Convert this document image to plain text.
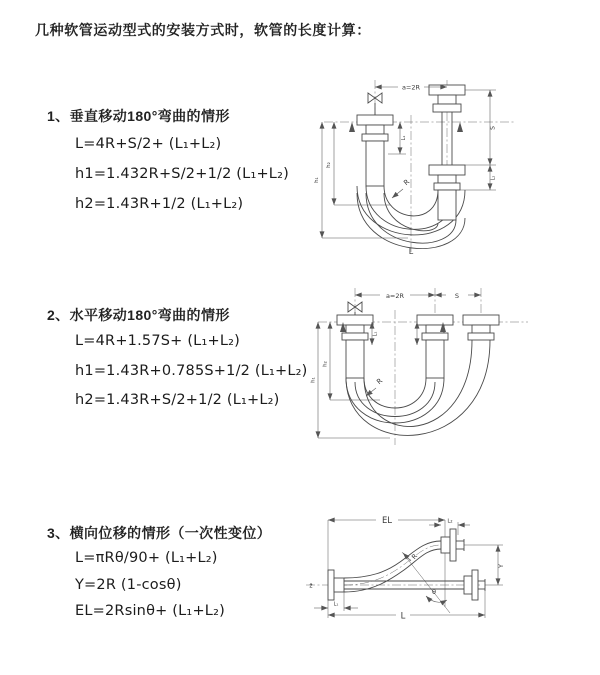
几种软管运动型式的安装方式时，软管的长度计算：
1、垂直移动180°弯曲的情形
L=4R+S/2+ (L₁+L₂)
h1=1.432R+S/2+1/2 (L₁+L₂)
h2=1.43R+1/2 (L₁+L₂)
2、水平移动180°弯曲的情形
L=4R+1.57S+ (L₁+L₂)
h1=1.43R+0.785S+1/2 (L₁+L₂)
h2=1.43R+S/2+1/2 (L₁+L₂)
3、横向位移的情形（一次性变位）
L=πRθ/90+ (L₁+L₂)
Y=2R (1-cosθ)
EL=2Rsinθ+ (L₁+L₂)
a=2R
h₁
h₂
L₁
S
L₂
R
L
a=2R	S
h₁
h₂
L₁
R
EL	L₂
Y
L
L₁
θ
R
z̄
